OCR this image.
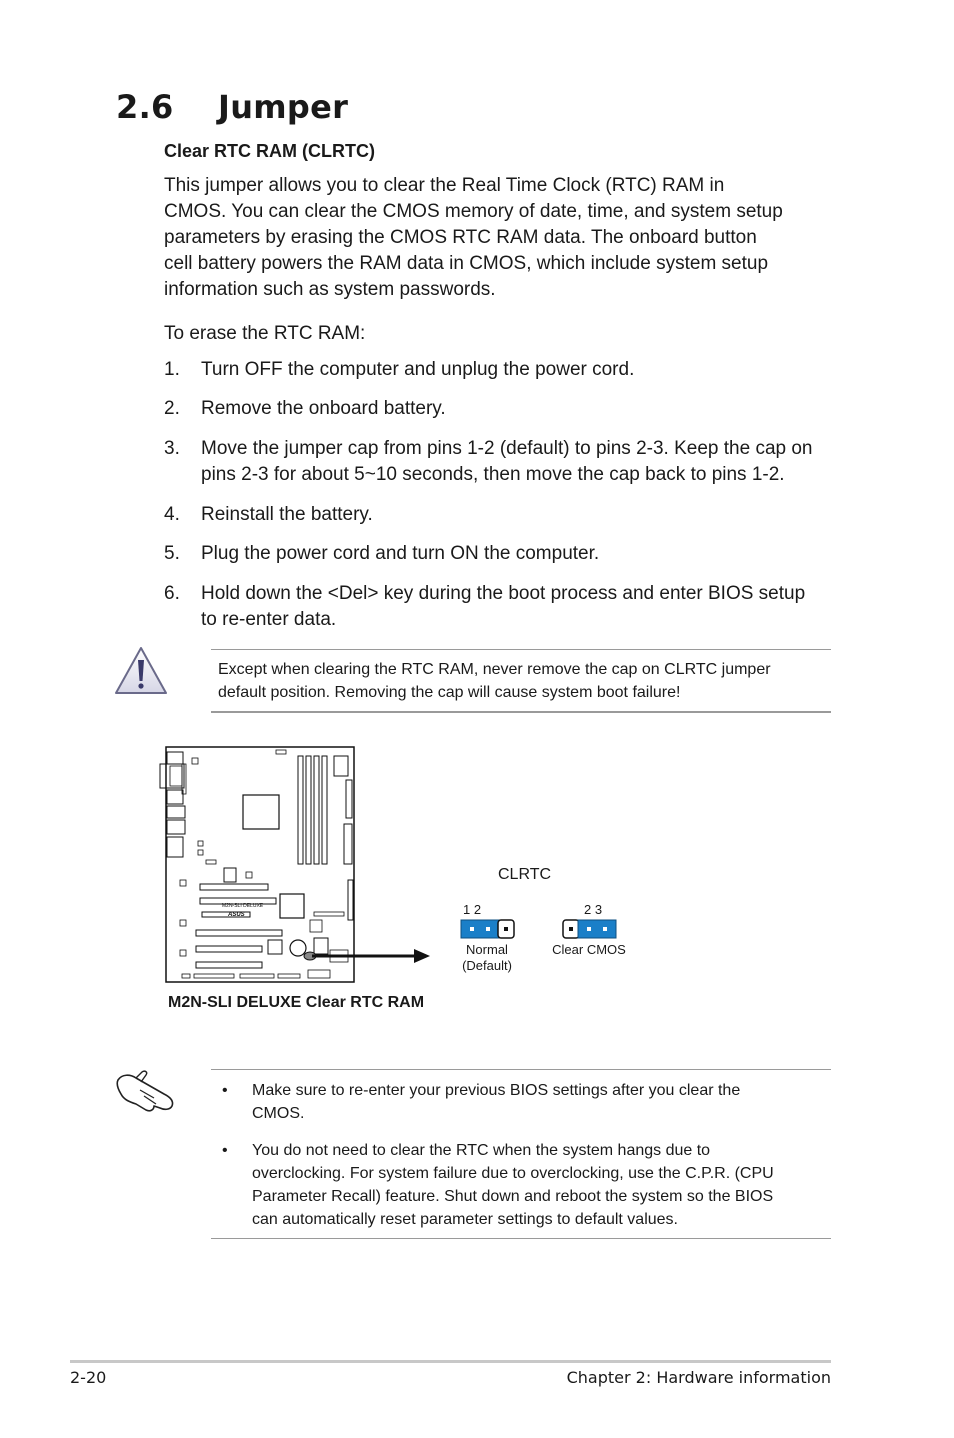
2.6 Jumper
Clear RTC RAM (CLRTC)
This jumper allows you to clear the Real Time Clock (RTC) RAM in
CMOS. You can clear the CMOS memory of date, time, and system setup
parameters by erasing the CMOS RTC RAM data. The onboard button
cell battery powers the RAM data in CMOS, which include system setup
information such as system passwords.
To erase the RTC RAM:
1.	Turn OFF the computer and unplug the power cord.
2.	Remove the onboard battery.
3.	Move the jumper cap from pins 1-2 (default) to pins 2-3. Keep the cap on
pins 2-3 for about 5~10 seconds, then move the cap back to pins 1-2.
4.	Reinstall the battery.
5.	Plug the power cord and turn ON the computer.
6.	Hold down the <Del> key during the boot process and enter BIOS setup
to re-enter data.
Except when clearing the RTC RAM, never remove the cap on CLRTC jumper
default position. Removing the cap will cause system boot failure!
M2N-SLI DELUXE
ASUS
CLRTC
1 2
Normal
(Default)
2 3
Clear CMOS
M2N-SLI DELUXE Clear RTC RAM
•	Make sure to re-enter your previous BIOS settings after you clear the
CMOS.
•	You do not need to clear the RTC when the system hangs due to
overclocking. For system failure due to overclocking, use the C.P.R. (CPU
Parameter Recall) feature. Shut down and reboot the system so the BIOS
can automatically reset parameter settings to default values.
2-20	Chapter 2: Hardware information
